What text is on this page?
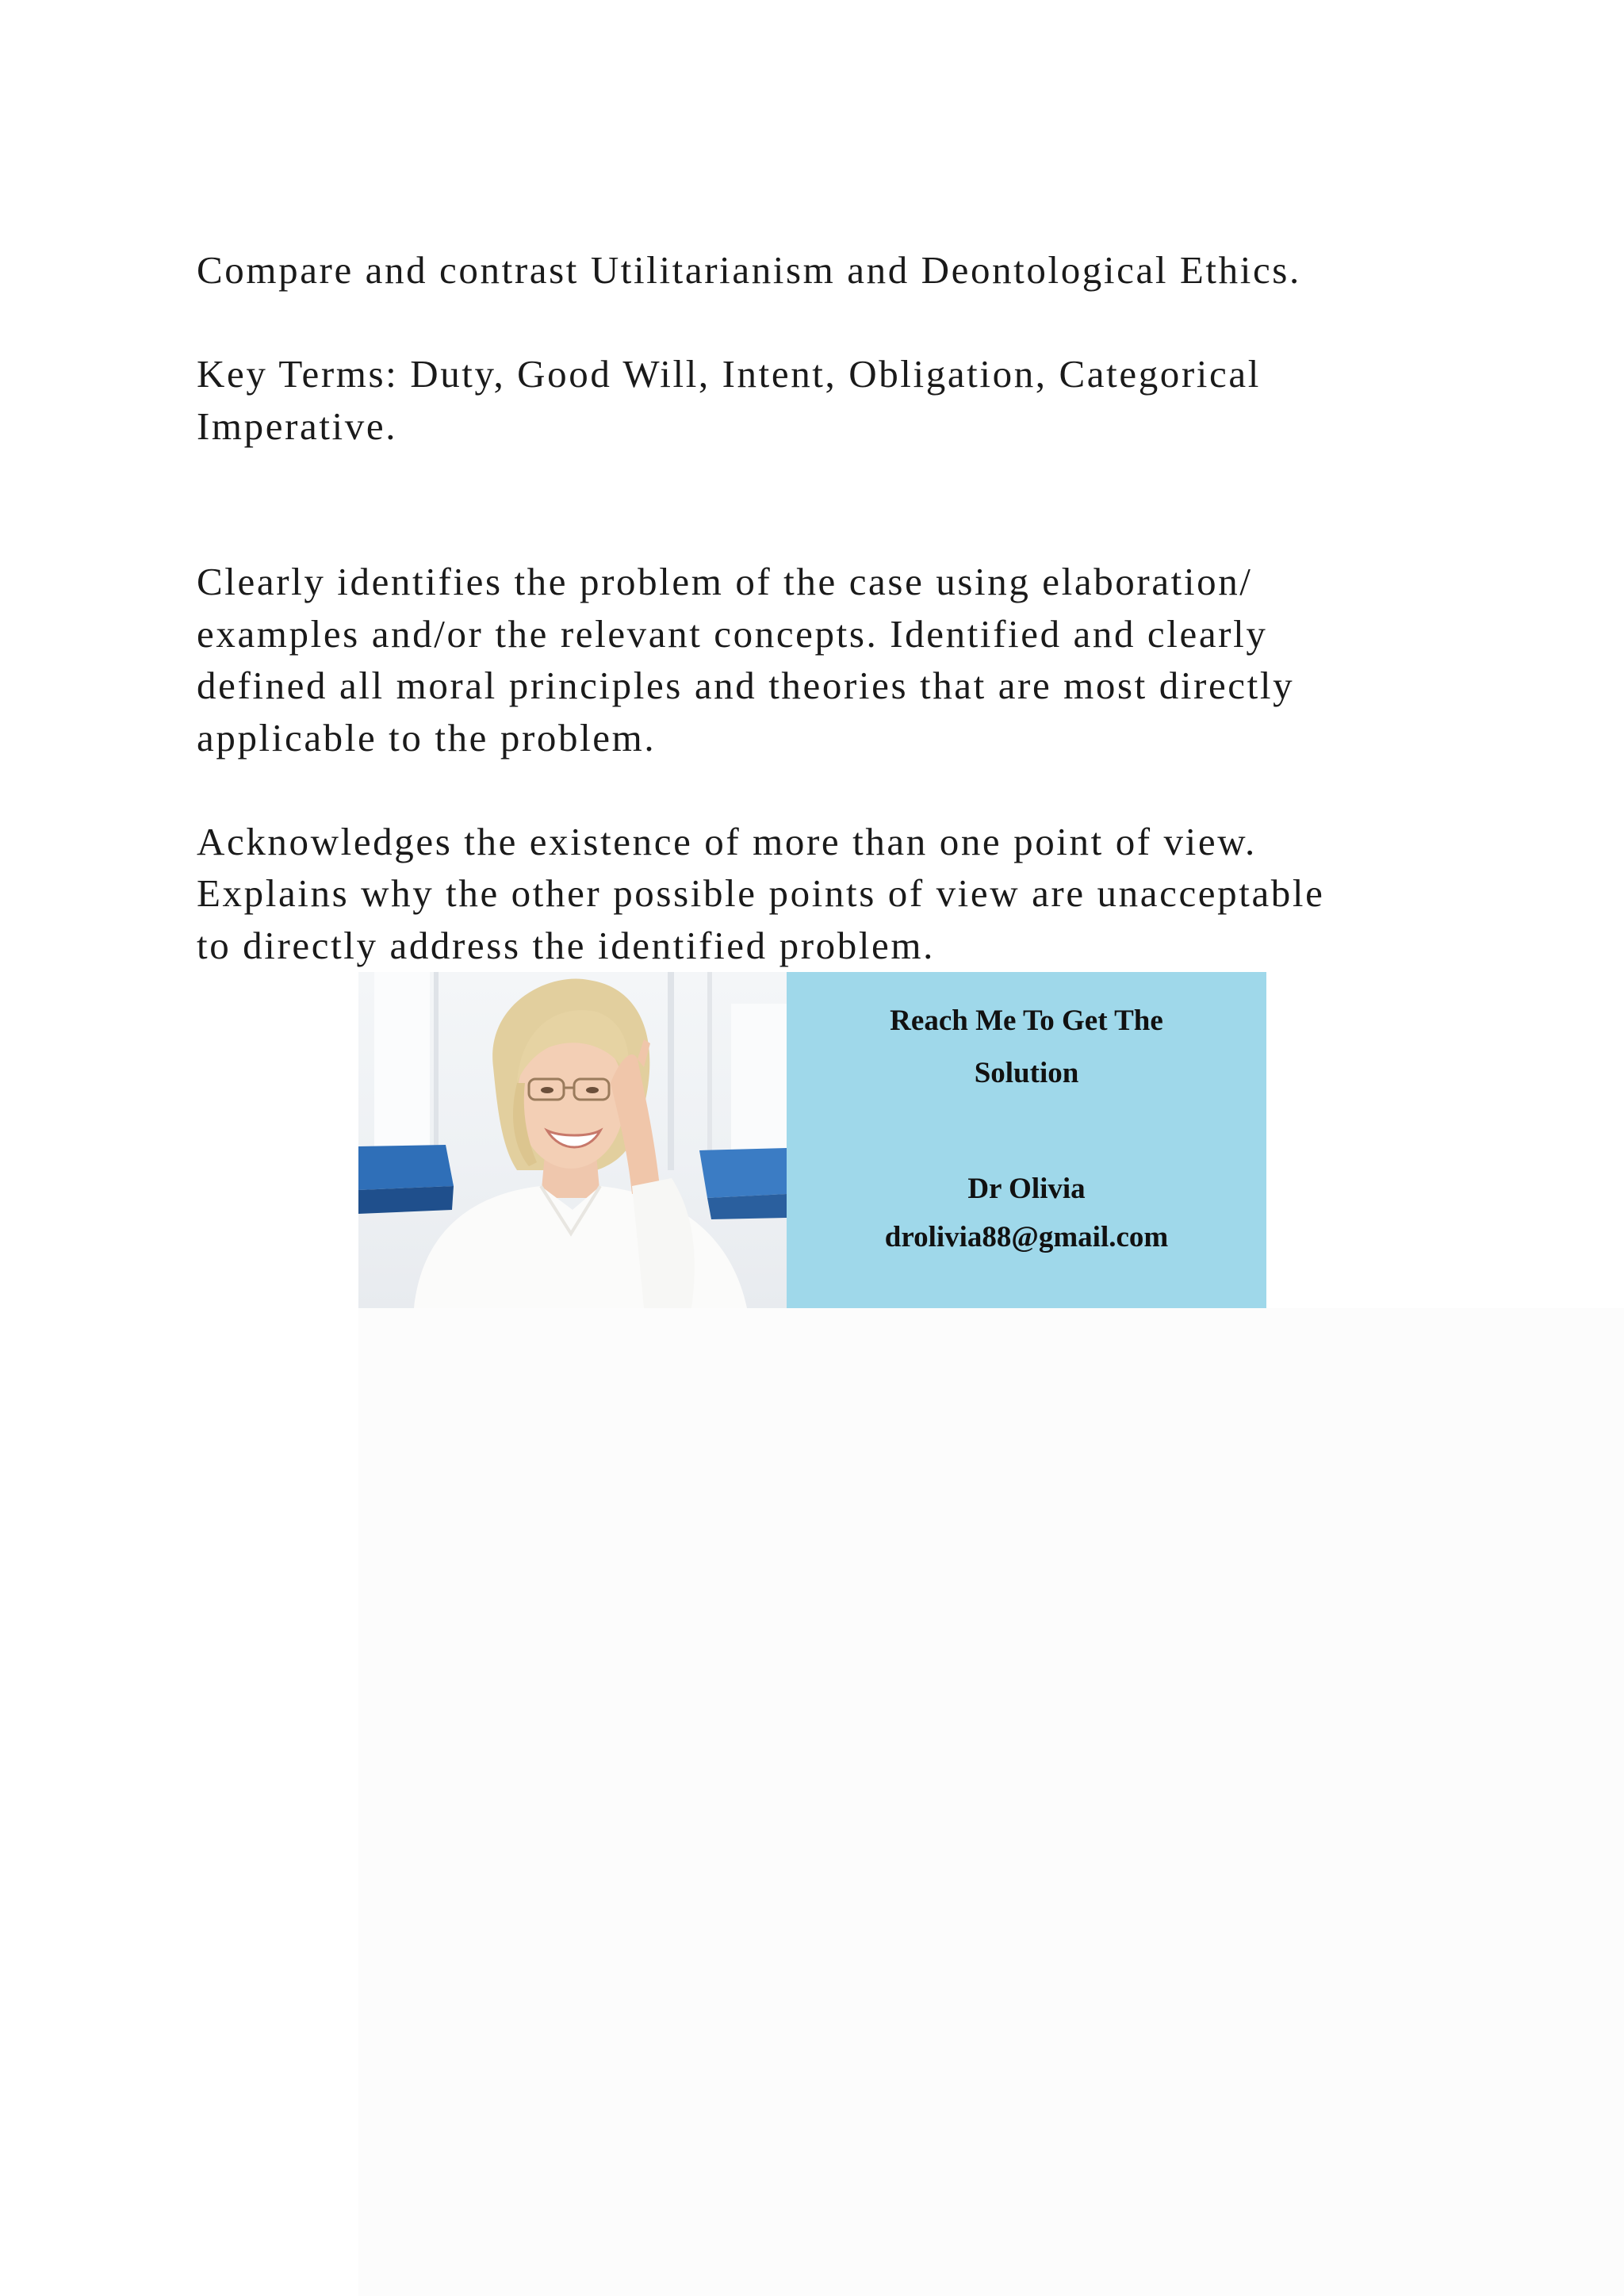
Compare and contrast Utilitarianism and Deontological Ethics.

Key Terms: Duty, Good Will, Intent, Obligation, Categorical
Imperative.

Clearly identifies the problem of the case using elaboration/
examples and/or the relevant concepts. Identified and clearly
defined all moral principles and theories that are most directly
applicable to the problem.

Acknowledges the existence of more than one point of view.
Explains why the other possible points of view are unacceptable
to directly address the identified problem.

Reach Me To Get The
Solution
Dr Olivia
drolivia88@gmail.com
